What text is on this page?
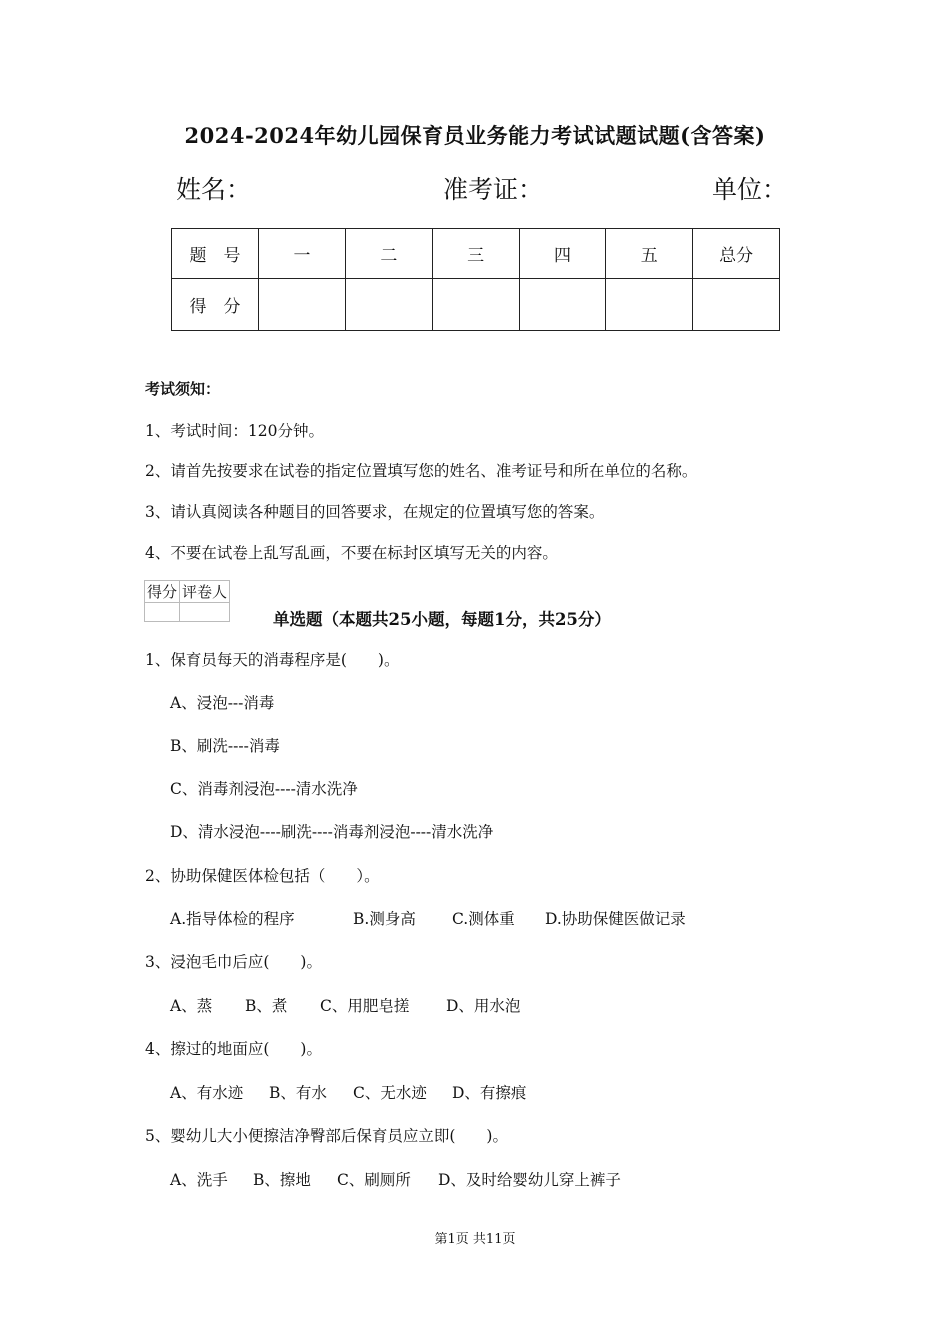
2024-2024年幼儿园保育员业务能力考试试题试题(含答案)
姓名：	准考证：	单位：
题　号	一	二	三	四	五	总分
得　分						
考试须知：
1、考试时间：120分钟。
2、请首先按要求在试卷的指定位置填写您的姓名、准考证号和所在单位的名称。
3、请认真阅读各种题目的回答要求，在规定的位置填写您的答案。
4、不要在试卷上乱写乱画，不要在标封区填写无关的内容。
得分	评卷人

单选题（本题共25小题，每题1分，共25分）
1、保育员每天的消毒程序是(　　)。
A、浸泡---消毒
B、刷洗----消毒
C、消毒剂浸泡----清水洗净
D、清水浸泡----刷洗----消毒剂浸泡----清水洗净
2、协助保健医体检包括（　　）。
A.指导体检的程序	B.测身高 C.测体重 D.协助保健医做记录
3、浸泡毛巾后应(　　)。
A、蒸 B、煮 C、用肥皂搓 D、用水泡
4、擦过的地面应(　　)。
A、有水迹 B、有水 C、无水迹 D、有擦痕
5、婴幼儿大小便擦洁净臀部后保育员应立即(　　)。
A、洗手 B、擦地 C、刷厕所 D、及时给婴幼儿穿上裤子
第1页 共11页
